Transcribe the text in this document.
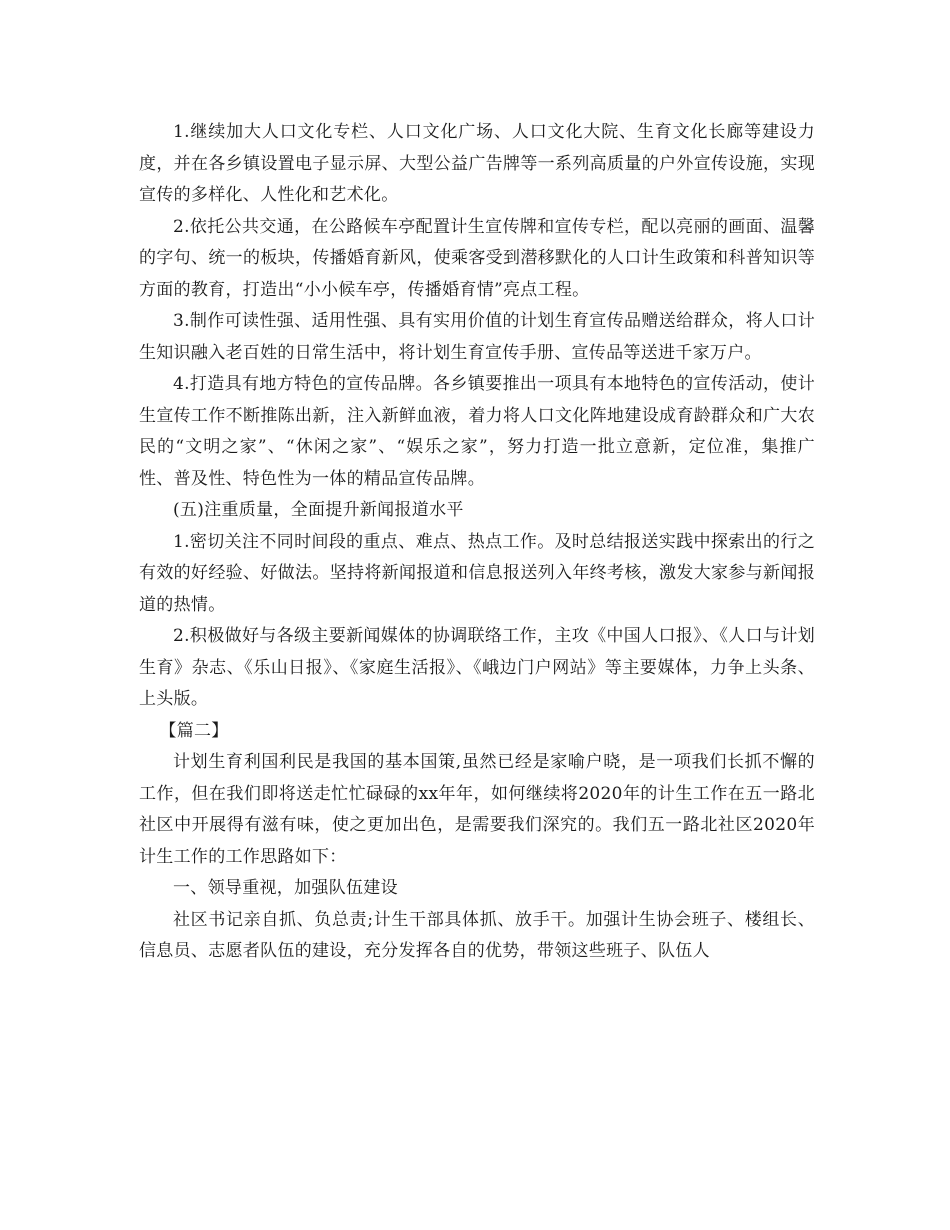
1.继续加大人口文化专栏、人口文化广场、人口文化大院、生育文化长廊等建设力度，并在各乡镇设置电子显示屏、大型公益广告牌等一系列高质量的户外宣传设施，实现宣传的多样化、人性化和艺术化。

2.依托公共交通，在公路候车亭配置计生宣传牌和宣传专栏，配以亮丽的画面、温馨的字句、统一的板块，传播婚育新风，使乘客受到潜移默化的人口计生政策和科普知识等方面的教育，打造出“小小候车亭，传播婚育情”亮点工程。

3.制作可读性强、适用性强、具有实用价值的计划生育宣传品赠送给群众，将人口计生知识融入老百姓的日常生活中，将计划生育宣传手册、宣传品等送进千家万户。

4.打造具有地方特色的宣传品牌。各乡镇要推出一项具有本地特色的宣传活动，使计生宣传工作不断推陈出新，注入新鲜血液，着力将人口文化阵地建设成育龄群众和广大农民的“文明之家”、“休闲之家”、“娱乐之家”，努力打造一批立意新，定位准，集推广性、普及性、特色性为一体的精品宣传品牌。

(五)注重质量，全面提升新闻报道水平

1.密切关注不同时间段的重点、难点、热点工作。及时总结报送实践中探索出的行之有效的好经验、好做法。坚持将新闻报道和信息报送列入年终考核，激发大家参与新闻报道的热情。

2.积极做好与各级主要新闻媒体的协调联络工作，主攻《中国人口报》、《人口与计划生育》杂志、《乐山日报》、《家庭生活报》、《峨边门户网站》等主要媒体，力争上头条、上头版。

【篇二】

计划生育利国利民是我国的基本国策,虽然已经是家喻户晓，是一项我们长抓不懈的工作，但在我们即将送走忙忙碌碌的xx年年，如何继续将2020年的计生工作在五一路北社区中开展得有滋有味，使之更加出色，是需要我们深究的。我们五一路北社区2020年计生工作的工作思路如下：

一、领导重视，加强队伍建设

社区书记亲自抓、负总责;计生干部具体抓、放手干。加强计生协会班子、楼组长、信息员、志愿者队伍的建设，充分发挥各自的优势，带领这些班子、队伍人
